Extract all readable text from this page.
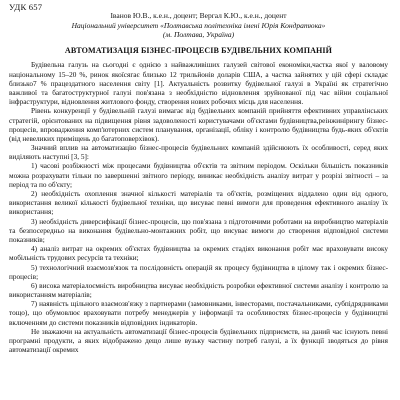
УДК 657
Іванов Ю.В., к.е.н., доцент; Вергал К.Ю., к.е.н., доцент
Національний університет «Полтавська політехніка імені Юрія Кондратюка»
(м. Полтава, Україна)
АВТОМАТИЗАЦІЯ БІЗНЕС-ПРОЦЕСІВ БУДІВЕЛЬНИХ КОМПАНІЙ

Будівельна галузь на сьогодні є однією з найважливіших галузей світової економіки,частка якої у валовому національному 15–20 %, ринок якоїсягає близько 12 трильйонів доларів США, а частка зайнятих у цій сфері складає близько7 % працездатного населення світу [1]. Актуальність розвитку будівельної галузі в Україні як стратегічно важливої та багатоструктурної галузі пов'язана з необхідністю відновлення зруйнованої під час війни соціальної інфраструктури, відновлення житлового фонду, створення нових робочих місць для населення.

Рівень конкуренції у будівельній галузі вимагає від будівельних компаній прийняття ефективних управлінських стратегій, орієнтованих на підвищення рівня задоволеності користувачами об'єктами будівництва,реінжинірингу бізнес-процесів, впровадження комп'ютерних систем планування, організації, обліку і контролю будівництва будь-яких об'єктів (від невеликих приміщень до багатоповерхівок).

Значний вплив на автоматизацію бізнес-процесів будівельних компаній здійснюють їх особливості, серед яких виділяють наступні [3, 5]:

1) часові розбіжності між процесами будівництва об'єктів та звітним періодом. Оскільки більшість показників можна розрахувати тільки по завершенні звітного періоду, виникає необхідність аналізу витрат у розрізі звітності – за період та по об'єкту;

2) необхідність охоплення значної кількості матеріалів та об'єктів, розміщених віддалено один від одного, використання великої кількості будівельної техніки, що висуває певні вимоги для проведення ефективного аналізу їх використання;

3) необхідність диверсифікації бізнес-процесів, що пов'язана з підготовчими роботами на виробництво матеріалів та безпосередньо на виконання будівельно-монтажних робіт, що висуває вимоги до створення відповідної системи показників;

4) аналіз витрат на окремих об'єктах будівництва за окремих стадіях виконання робіт має враховувати високу мобільність трудових ресурсів та техніки;

5) технологічний взаємозв'язок та послідовність операцій як процесу будівництва в цілому так і окремих бізнес-процесів;

6) висока матеріалоємність виробництва висуває необхідність розробки ефективної системи аналізу і контролю за використанням матеріалів;

7) наявність щільного взаємозв'язку з партнерами (замовниками, інвесторами, постачальниками, субпідрядниками тощо), що обумовлює враховувати потребу менеджерів у інформації та особливостях бізнес-процесів у будівництві включенням до системи показників відповідних індикаторів.

Не зважаючи на актуальність автоматизації бізнес-процесів будівельних підприємств, на даний час існують певні програмні продукти, а яких відображено дещо лише вузьку частину потреб галузі, а їх функції зводяться до рівня автоматизації окремих
